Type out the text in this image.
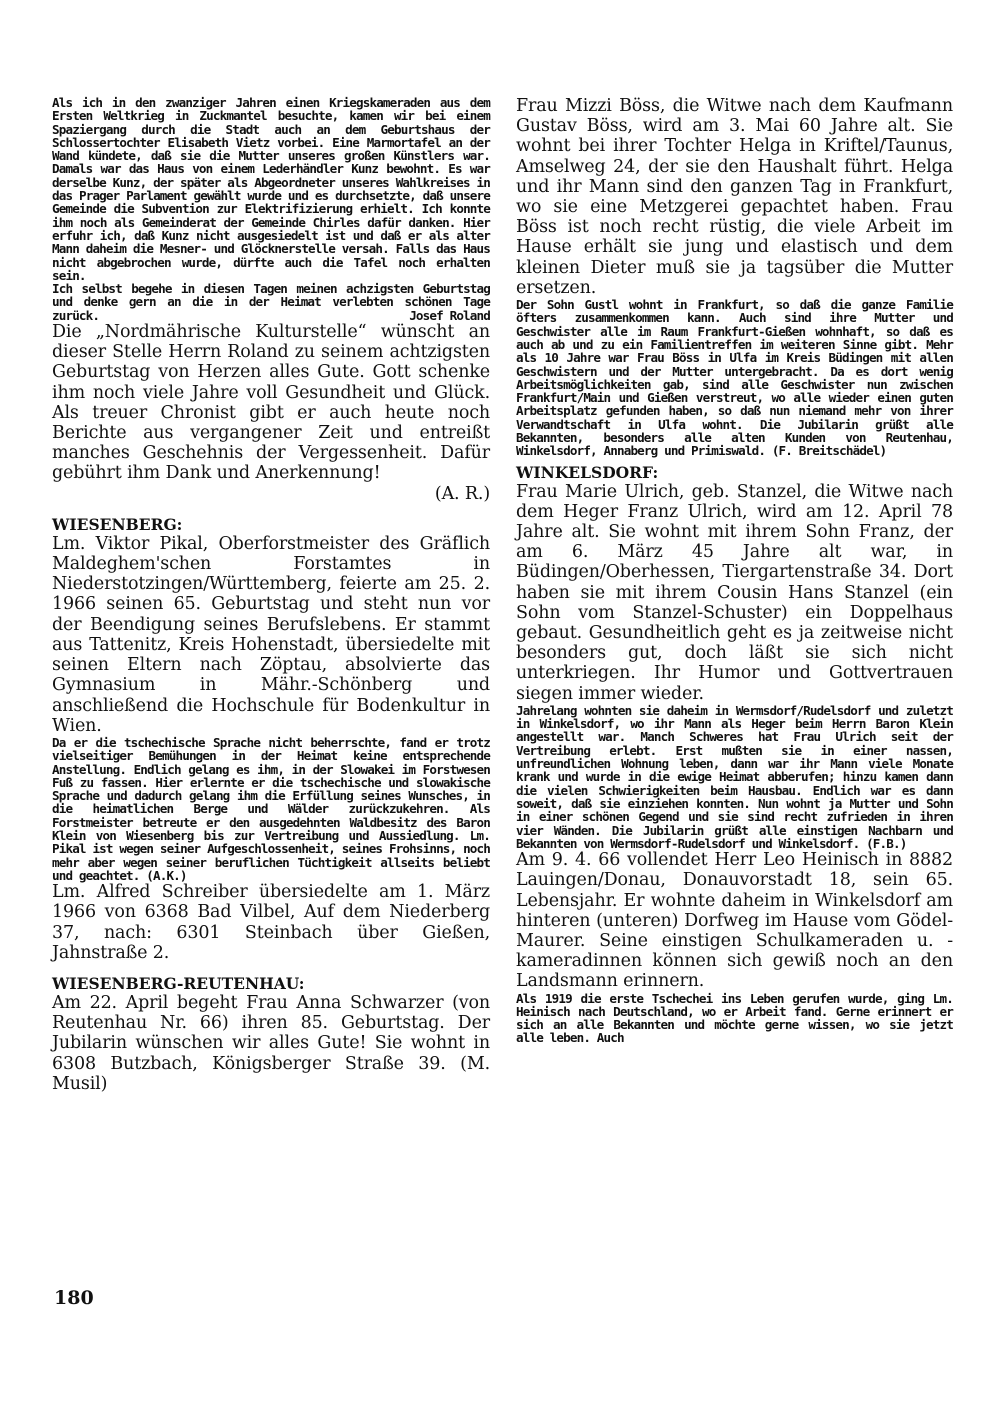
Als ich in den zwanziger Jahren einen Kriegskameraden aus dem Ersten Weltkrieg in Zuckmantel besuchte, kamen wir bei einem Spaziergang durch die Stadt auch an dem Geburtshaus der Schlossertochter Elisabeth Vietz vorbei. Eine Marmortafel an der Wand kündete, daß sie die Mutter unseres großen Künstlers war. Damals war das Haus von einem Lederhändler Kunz bewohnt. Es war derselbe Kunz, der später als Abgeordneter unseres Wahlkreises in das Prager Parlament gewählt wurde und es durchsetzte, daß unsere Gemeinde die Subvention zur Elektrifizierung erhielt. Ich konnte ihm noch als Gemeinderat der Gemeinde Chirles dafür danken. Hier erfuhr ich, daß Kunz nicht ausgesiedelt ist und daß er als alter Mann daheim die Mesner- und Glöcknerstelle versah. Falls das Haus nicht abgebrochen wurde, dürfte auch die Tafel noch erhalten sein.

Ich selbst begehe in diesen Tagen meinen achzigsten Geburtstag und denke gern an die in der Heimat verlebten schönen Tage zurück.	Josef Roland

Die „Nordmährische Kulturstelle“ wünscht an dieser Stelle Herrn Roland zu seinem achtzigsten Geburtstag von Herzen alles Gute. Gott schenke ihm noch viele Jahre voll Gesundheit und Glück. Als treuer Chronist gibt er auch heute noch Berichte aus vergangener Zeit und entreißt manches Geschehnis der Vergessenheit. Dafür gebührt ihm Dank und Anerkennung!

(A. R.)

WIESENBERG:

Lm. Viktor Pikal, Oberforstmeister des Gräflich Maldeghem'schen Forstamtes in Niederstotzingen/Württemberg, feierte am 25. 2. 1966 seinen 65. Geburtstag und steht nun vor der Beendigung seines Berufslebens. Er stammt aus Tattenitz, Kreis Hohenstadt, übersiedelte mit seinen Eltern nach Zöptau, absolvierte das Gymnasium in Mähr.-Schönberg und anschließend die Hochschule für Bodenkultur in Wien.

Da er die tschechische Sprache nicht beherrschte, fand er trotz vielseitiger Bemühungen in der Heimat keine entsprechende Anstellung. Endlich gelang es ihm, in der Slowakei im Forstwesen Fuß zu fassen. Hier erlernte er die tschechische und slowakische Sprache und dadurch gelang ihm die Erfüllung seines Wunsches, in die heimatlichen Berge und Wälder zurückzukehren. Als Forstmeister betreute er den ausgedehnten Waldbesitz des Baron Klein von Wiesenberg bis zur Vertreibung und Aussiedlung. Lm. Pikal ist wegen seiner Aufgeschlossenheit, seines Frohsinns, noch mehr aber wegen seiner beruflichen Tüchtigkeit allseits beliebt und geachtet. (A.K.)

Lm. Alfred Schreiber übersiedelte am 1. März 1966 von 6368 Bad Vilbel, Auf dem Niederberg 37, nach: 6301 Steinbach über Gießen, Jahnstraße 2.

WIESENBERG-REUTENHAU:

Am 22. April begeht Frau Anna Schwarzer (von Reutenhau Nr. 66) ihren 85. Geburtstag. Der Jubilarin wünschen wir alles Gute! Sie wohnt in 6308 Butzbach, Königsberger Straße 39. (M. Musil)

Frau Mizzi Böss, die Witwe nach dem Kaufmann Gustav Böss, wird am 3. Mai 60 Jahre alt. Sie wohnt bei ihrer Tochter Helga in Kriftel/Taunus, Amselweg 24, der sie den Haushalt führt. Helga und ihr Mann sind den ganzen Tag in Frankfurt, wo sie eine Metzgerei gepachtet haben. Frau Böss ist noch recht rüstig, die viele Arbeit im Hause erhält sie jung und elastisch und dem kleinen Dieter muß sie ja tagsüber die Mutter ersetzen.

Der Sohn Gustl wohnt in Frankfurt, so daß die ganze Familie öfters zusammenkommen kann. Auch sind ihre Mutter und Geschwister alle im Raum Frankfurt-Gießen wohnhaft, so daß es auch ab und zu ein Familientreffen im weiteren Sinne gibt. Mehr als 10 Jahre war Frau Böss in Ulfa im Kreis Büdingen mit allen Geschwistern und der Mutter untergebracht. Da es dort wenig Arbeitsmöglichkeiten gab, sind alle Geschwister nun zwischen Frankfurt/Main und Gießen verstreut, wo alle wieder einen guten Arbeitsplatz gefunden haben, so daß nun niemand mehr von ihrer Verwandtschaft in Ulfa wohnt. Die Jubilarin grüßt alle Bekannten, besonders alle alten Kunden von Reutenhau, Winkelsdorf, Annaberg und Primiswald. (F. Breitschädel)

WINKELSDORF:

Frau Marie Ulrich, geb. Stanzel, die Witwe nach dem Heger Franz Ulrich, wird am 12. April 78 Jahre alt. Sie wohnt mit ihrem Sohn Franz, der am 6. März 45 Jahre alt war, in Büdingen/Oberhessen, Tiergartenstraße 34. Dort haben sie mit ihrem Cousin Hans Stanzel (ein Sohn vom Stanzel-Schuster) ein Doppelhaus gebaut. Gesundheitlich geht es ja zeitweise nicht besonders gut, doch läßt sie sich nicht unterkriegen. Ihr Humor und Gottvertrauen siegen immer wieder.

Jahrelang wohnten sie daheim in Wermsdorf/Rudelsdorf und zuletzt in Winkelsdorf, wo ihr Mann als Heger beim Herrn Baron Klein angestellt war. Manch Schweres hat Frau Ulrich seit der Vertreibung erlebt. Erst mußten sie in einer nassen, unfreundlichen Wohnung leben, dann war ihr Mann viele Monate krank und wurde in die ewige Heimat abberufen; hinzu kamen dann die vielen Schwierigkeiten beim Hausbau. Endlich war es dann soweit, daß sie einziehen konnten. Nun wohnt ja Mutter und Sohn in einer schönen Gegend und sie sind recht zufrieden in ihren vier Wänden. Die Jubilarin grüßt alle einstigen Nachbarn und Bekannten von Wermsdorf-Rudelsdorf und Winkelsdorf. (F.B.)

Am 9. 4. 66 vollendet Herr Leo Heinisch in 8882 Lauingen/Donau, Donauvorstadt 18, sein 65. Lebensjahr. Er wohnte daheim in Winkelsdorf am hinteren (unteren) Dorfweg im Hause vom Gödel-Maurer. Seine einstigen Schulkameraden u. -kameradinnen können sich gewiß noch an den Landsmann erinnern.

Als 1919 die erste Tschechei ins Leben gerufen wurde, ging Lm. Heinisch nach Deutschland, wo er Arbeit fand. Gerne erinnert er sich an alle Bekannten und möchte gerne wissen, wo sie jetzt alle leben. Auch

180
